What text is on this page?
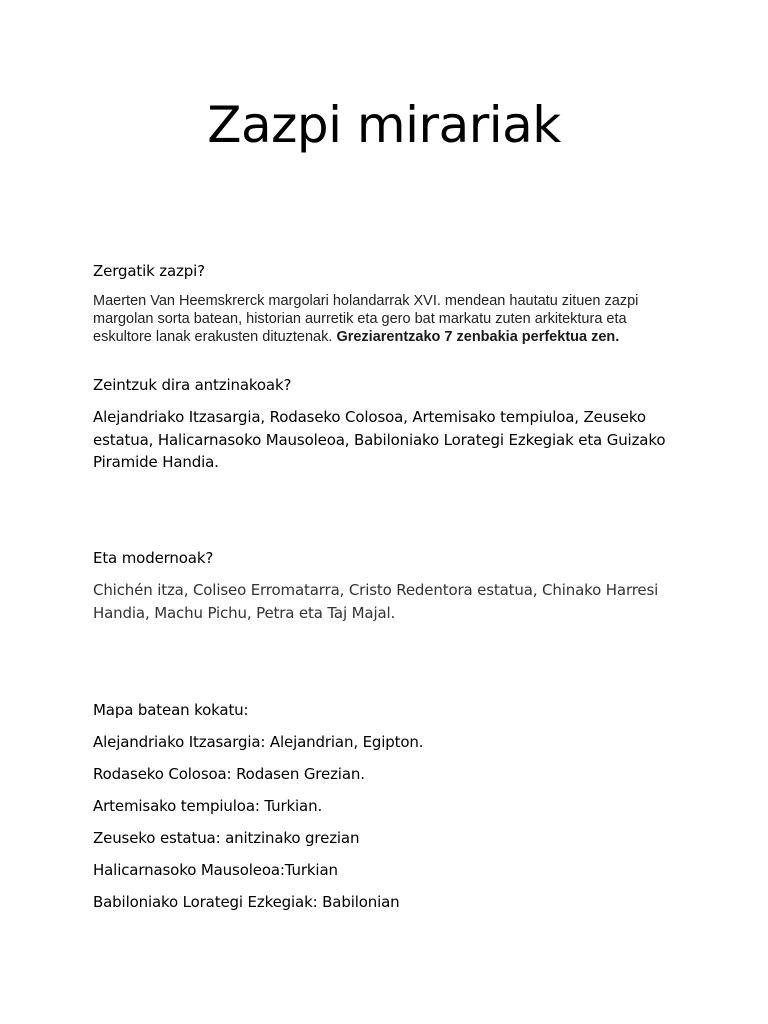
Zazpi mirariak

Zergatik zazpi?

Maerten Van Heemskrerck margolari holandarrak XVI. mendean hautatu zituen zazpi margolan sorta batean, historian aurretik eta gero bat markatu zuten arkitektura eta eskultore lanak erakusten dituztenak. Greziarentzako 7 zenbakia perfektua zen.

Zeintzuk dira antzinakoak?

Alejandriako Itzasargia, Rodaseko Colosoa, Artemisako tempiuloa, Zeuseko estatua, Halicarnasoko Mausoleoa, Babiloniako Lorategi Ezkegiak eta Guizako Piramide Handia.

Eta modernoak?

Chichén itza, Coliseo Erromatarra, Cristo Redentora estatua, Chinako Harresi Handia, Machu Pichu, Petra eta Taj Majal.

Mapa batean kokatu:

Alejandriako Itzasargia: Alejandrian, Egipton.

Rodaseko Colosoa: Rodasen Grezian.

Artemisako tempiuloa: Turkian.

Zeuseko estatua: anitzinako grezian

Halicarnasoko Mausoleoa:Turkian

Babiloniako Lorategi Ezkegiak: Babilonian
